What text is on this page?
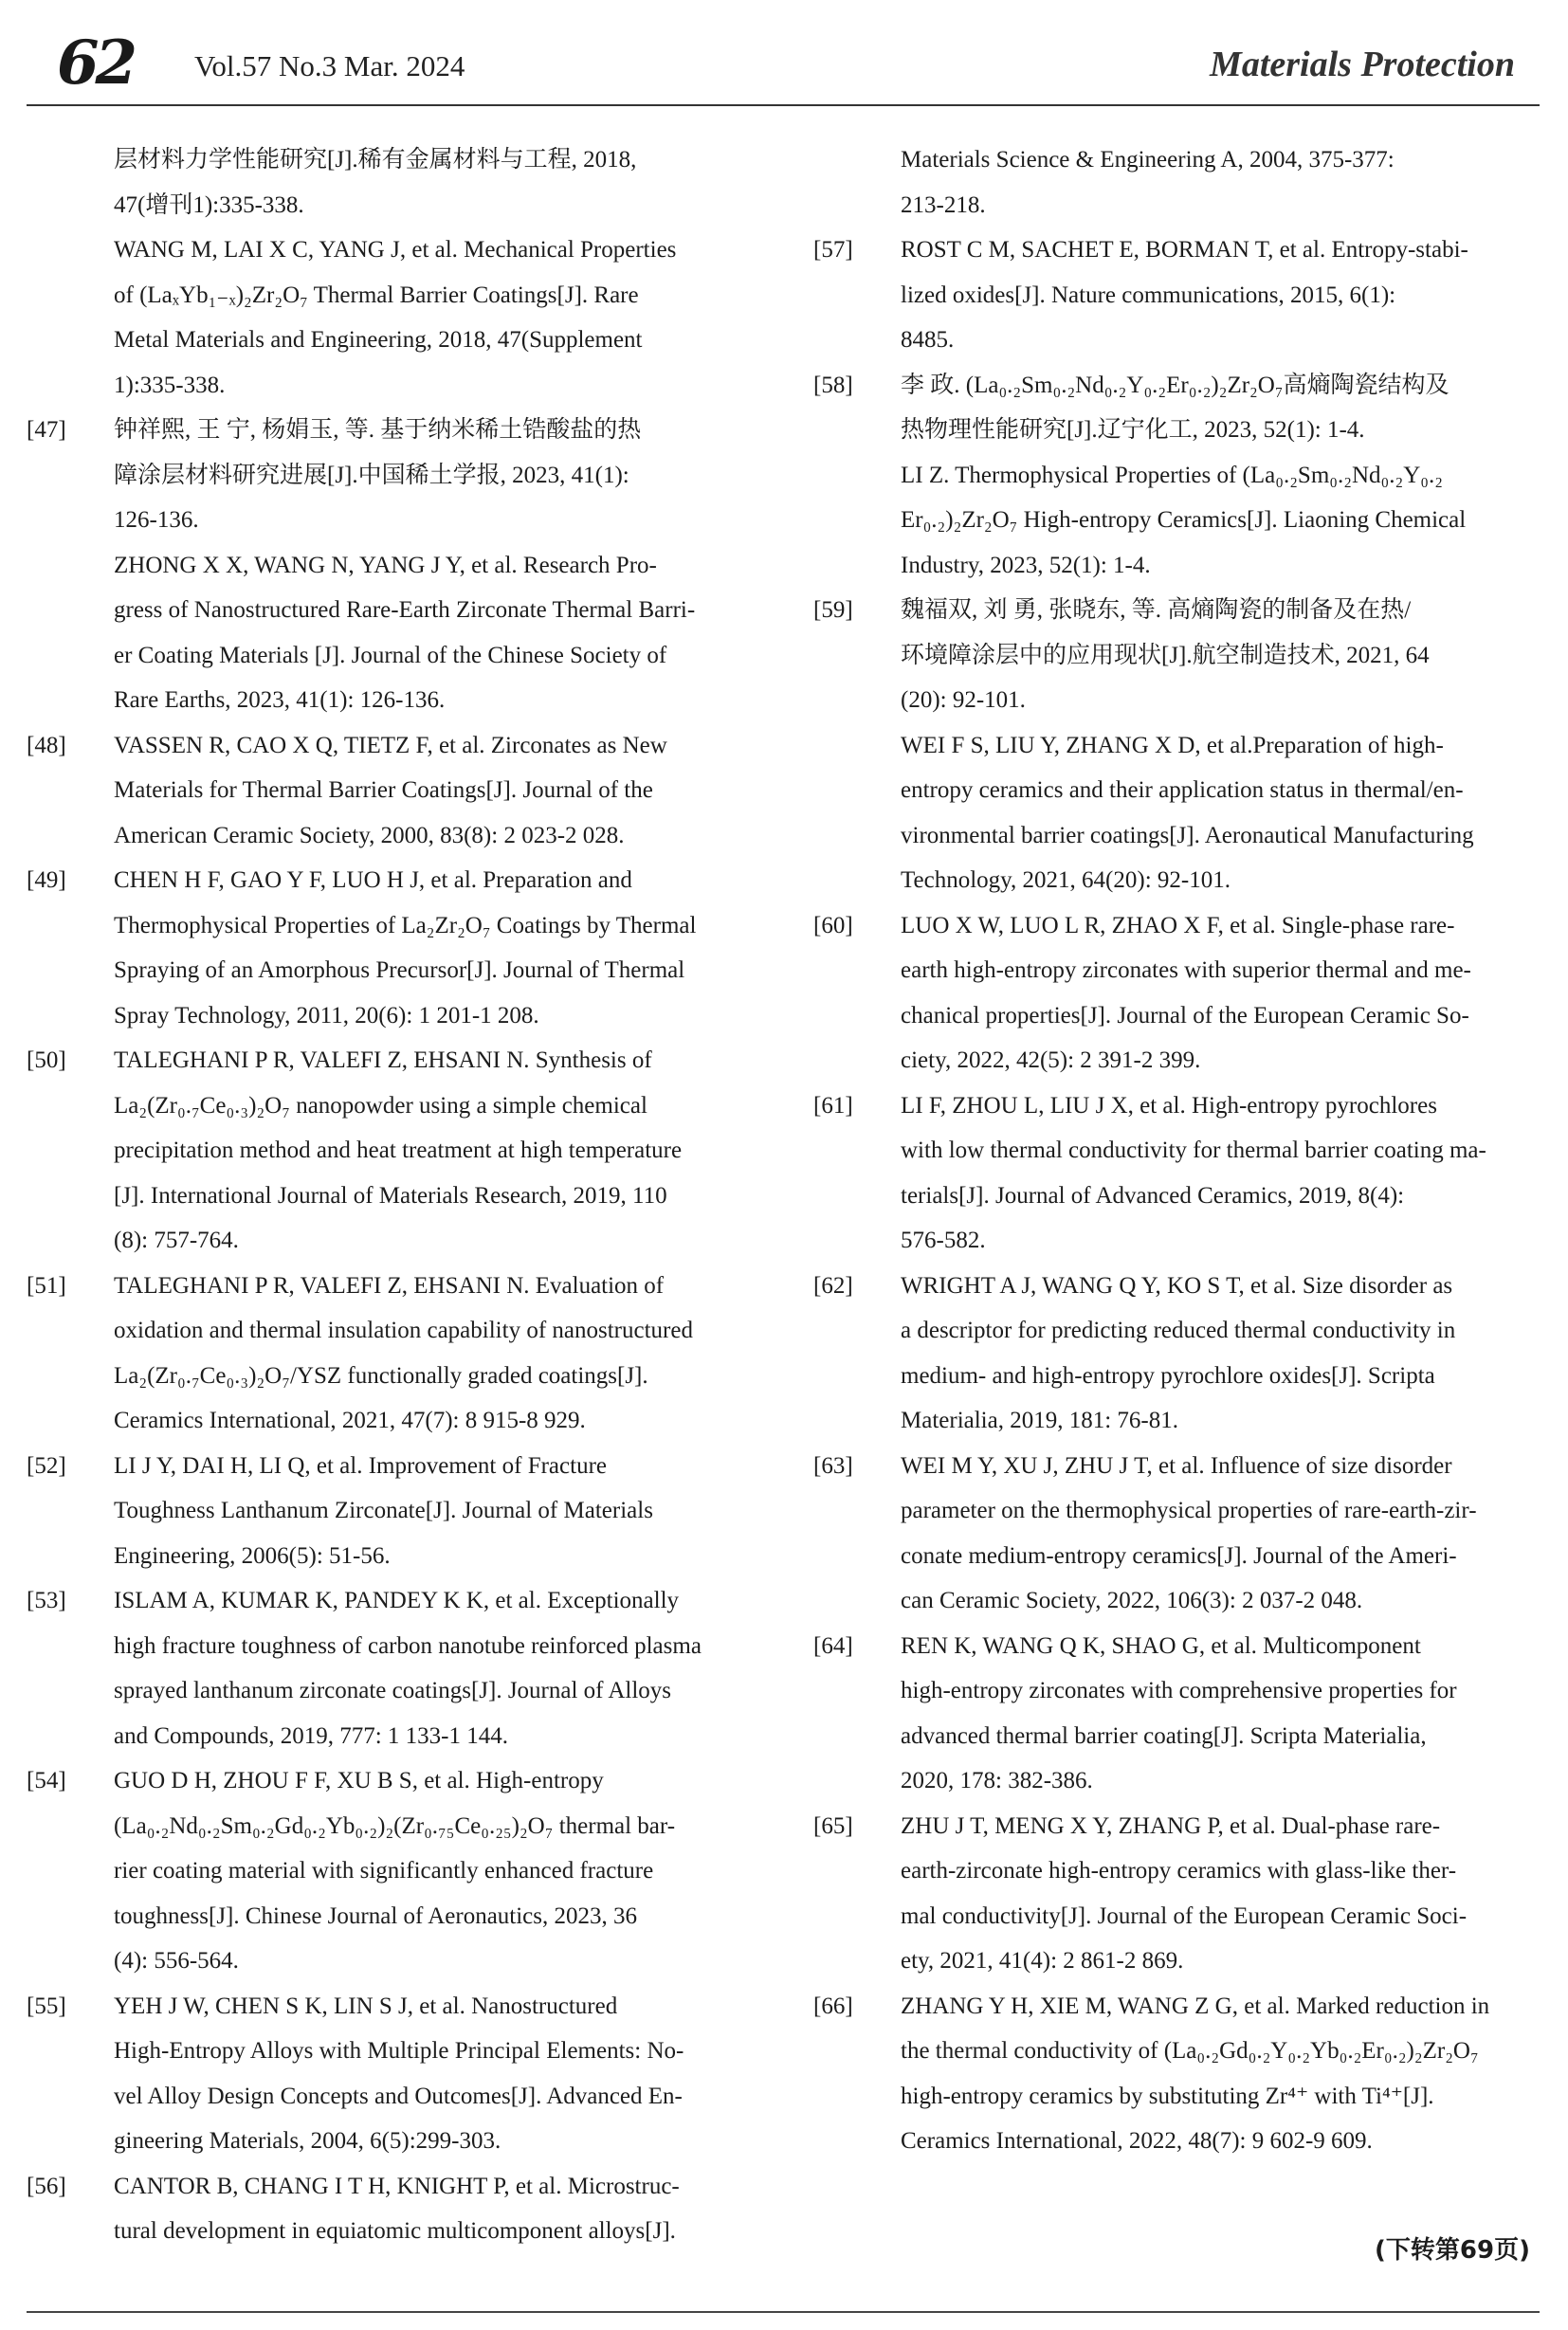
62	Vol.57 No.3 Mar. 2024	Materials Protection
层材料力学性能研究[J].稀有金属材料与工程, 2018,
47(增刊1):335-338.
WANG M, LAI X C, YANG J, et al. Mechanical Properties
of (LaₓYb₁₋ₓ)₂Zr₂O₇ Thermal Barrier Coatings[J]. Rare
Metal Materials and Engineering, 2018, 47(Supplement
1):335-338.
[47]	钟祥熙, 王 宁, 杨娟玉, 等. 基于纳米稀土锆酸盐的热
障涂层材料研究进展[J].中国稀土学报, 2023, 41(1):
126-136.
ZHONG X X, WANG N, YANG J Y, et al. Research Pro-
gress of Nanostructured Rare-Earth Zirconate Thermal Barri-
er Coating Materials [J]. Journal of the Chinese Society of
Rare Earths, 2023, 41(1): 126-136.
[48]	VASSEN R, CAO X Q, TIETZ F, et al. Zirconates as New
Materials for Thermal Barrier Coatings[J]. Journal of the
American Ceramic Society, 2000, 83(8): 2 023-2 028.
[49]	CHEN H F, GAO Y F, LUO H J, et al. Preparation and
Thermophysical Properties of La₂Zr₂O₇ Coatings by Thermal
Spraying of an Amorphous Precursor[J]. Journal of Thermal
Spray Technology, 2011, 20(6): 1 201-1 208.
[50]	TALEGHANI P R, VALEFI Z, EHSANI N. Synthesis of
La₂(Zr₀.₇Ce₀.₃)₂O₇ nanopowder using a simple chemical
precipitation method and heat treatment at high temperature
[J]. International Journal of Materials Research, 2019, 110
(8): 757-764.
[51]	TALEGHANI P R, VALEFI Z, EHSANI N. Evaluation of
oxidation and thermal insulation capability of nanostructured
La₂(Zr₀.₇Ce₀.₃)₂O₇/YSZ functionally graded coatings[J].
Ceramics International, 2021, 47(7): 8 915-8 929.
[52]	LI J Y, DAI H, LI Q, et al. Improvement of Fracture
Toughness Lanthanum Zirconate[J]. Journal of Materials
Engineering, 2006(5): 51-56.
[53]	ISLAM A, KUMAR K, PANDEY K K, et al. Exceptionally
high fracture toughness of carbon nanotube reinforced plasma
sprayed lanthanum zirconate coatings[J]. Journal of Alloys
and Compounds, 2019, 777: 1 133-1 144.
[54]	GUO D H, ZHOU F F, XU B S, et al. High-entropy
(La₀.₂Nd₀.₂Sm₀.₂Gd₀.₂Yb₀.₂)₂(Zr₀.₇₅Ce₀.₂₅)₂O₇ thermal bar-
rier coating material with significantly enhanced fracture
toughness[J]. Chinese Journal of Aeronautics, 2023, 36
(4): 556-564.
[55]	YEH J W, CHEN S K, LIN S J, et al. Nanostructured
High-Entropy Alloys with Multiple Principal Elements: No-
vel Alloy Design Concepts and Outcomes[J]. Advanced En-
gineering Materials, 2004, 6(5):299-303.
[56]	CANTOR B, CHANG I T H, KNIGHT P, et al. Microstruc-
tural development in equiatomic multicomponent alloys[J].
Materials Science & Engineering A, 2004, 375-377:
213-218.
[57]	ROST C M, SACHET E, BORMAN T, et al. Entropy-stabi-
lized oxides[J]. Nature communications, 2015, 6(1):
8485.
[58]	李 政. (La₀.₂Sm₀.₂Nd₀.₂Y₀.₂Er₀.₂)₂Zr₂O₇高熵陶瓷结构及
热物理性能研究[J].辽宁化工, 2023, 52(1): 1-4.
LI Z. Thermophysical Properties of (La₀.₂Sm₀.₂Nd₀.₂Y₀.₂
Er₀.₂)₂Zr₂O₇ High-entropy Ceramics[J]. Liaoning Chemical
Industry, 2023, 52(1): 1-4.
[59]	魏福双, 刘 勇, 张晓东, 等. 高熵陶瓷的制备及在热/
环境障涂层中的应用现状[J].航空制造技术, 2021, 64
(20): 92-101.
WEI F S, LIU Y, ZHANG X D, et al.Preparation of high-
entropy ceramics and their application status in thermal/en-
vironmental barrier coatings[J]. Aeronautical Manufacturing
Technology, 2021, 64(20): 92-101.
[60]	LUO X W, LUO L R, ZHAO X F, et al. Single-phase rare-
earth high-entropy zirconates with superior thermal and me-
chanical properties[J]. Journal of the European Ceramic So-
ciety, 2022, 42(5): 2 391-2 399.
[61]	LI F, ZHOU L, LIU J X, et al. High-entropy pyrochlores
with low thermal conductivity for thermal barrier coating ma-
terials[J]. Journal of Advanced Ceramics, 2019, 8(4):
576-582.
[62]	WRIGHT A J, WANG Q Y, KO S T, et al. Size disorder as
a descriptor for predicting reduced thermal conductivity in
medium- and high-entropy pyrochlore oxides[J]. Scripta
Materialia, 2019, 181: 76-81.
[63]	WEI M Y, XU J, ZHU J T, et al. Influence of size disorder
parameter on the thermophysical properties of rare-earth-zir-
conate medium-entropy ceramics[J]. Journal of the Ameri-
can Ceramic Society, 2022, 106(3): 2 037-2 048.
[64]	REN K, WANG Q K, SHAO G, et al. Multicomponent
high-entropy zirconates with comprehensive properties for
advanced thermal barrier coating[J]. Scripta Materialia,
2020, 178: 382-386.
[65]	ZHU J T, MENG X Y, ZHANG P, et al. Dual-phase rare-
earth-zirconate high-entropy ceramics with glass-like ther-
mal conductivity[J]. Journal of the European Ceramic Soci-
ety, 2021, 41(4): 2 861-2 869.
[66]	ZHANG Y H, XIE M, WANG Z G, et al. Marked reduction in
the thermal conductivity of (La₀.₂Gd₀.₂Y₀.₂Yb₀.₂Er₀.₂)₂Zr₂O₇
high-entropy ceramics by substituting Zr⁴⁺ with Ti⁴⁺[J].
Ceramics International, 2022, 48(7): 9 602-9 609.
(下转第69页)
